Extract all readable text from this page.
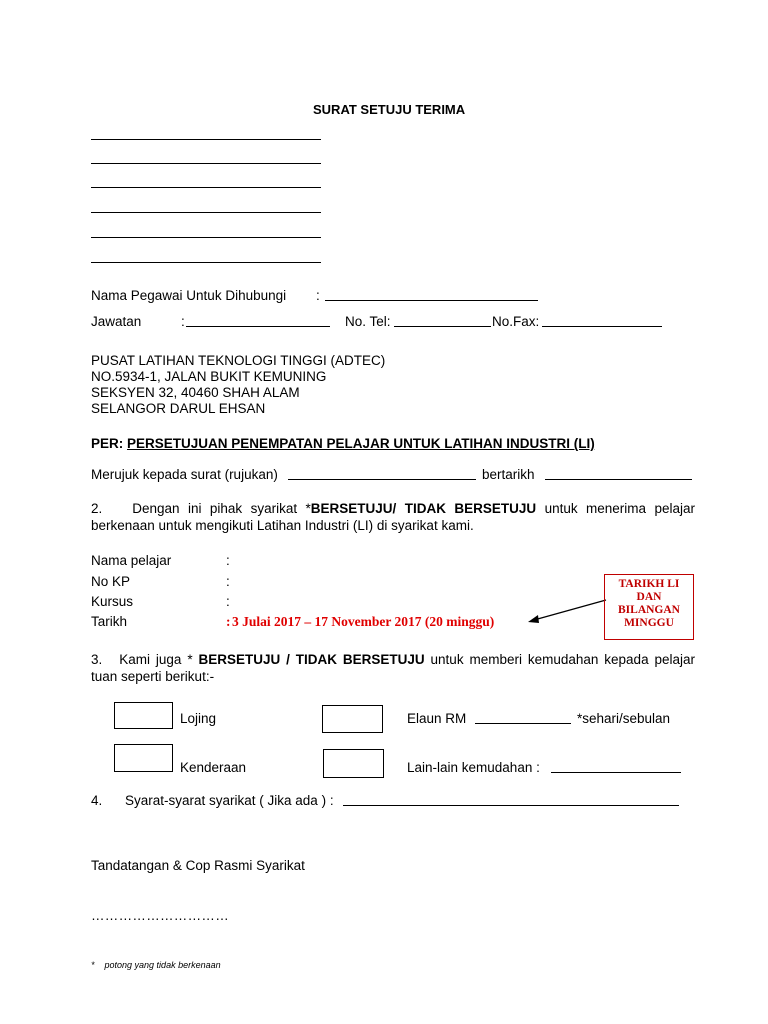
SURAT SETUJU TERIMA
Nama Pegawai Untuk Dihubungi :
Jawatan	:	No. Tel:	No.Fax:
PUSAT LATIHAN TEKNOLOGI TINGGI (ADTEC)
NO.5934-1, JALAN BUKIT KEMUNING
SEKSYEN 32, 40460 SHAH ALAM
SELANGOR DARUL EHSAN
PER: PERSETUJUAN PENEMPATAN PELAJAR UNTUK LATIHAN INDUSTRI (LI)
Merujuk kepada surat (rujukan)	bertarikh
2. Dengan ini pihak syarikat *BERSETUJU/ TIDAK BERSETUJU untuk menerima pelajar berkenaan untuk mengikuti Latihan Industri (LI) di syarikat kami.
Nama pelajar	:
No KP	:
Kursus	:
Tarikh	: 3 Julai 2017 – 17 November 2017 (20 minggu)
TARIKH LI
DAN
BILANGAN
MINGGU
3. Kami juga * BERSETUJU / TIDAK BERSETUJU untuk memberi kemudahan kepada pelajar tuan seperti berikut:-
Lojing	Elaun RM	*sehari/sebulan
Kenderaan	Lain-lain kemudahan :
4. Syarat-syarat syarikat ( Jika ada ) :
Tandatangan & Cop Rasmi Syarikat
…………………………
* potong yang tidak berkenaan
